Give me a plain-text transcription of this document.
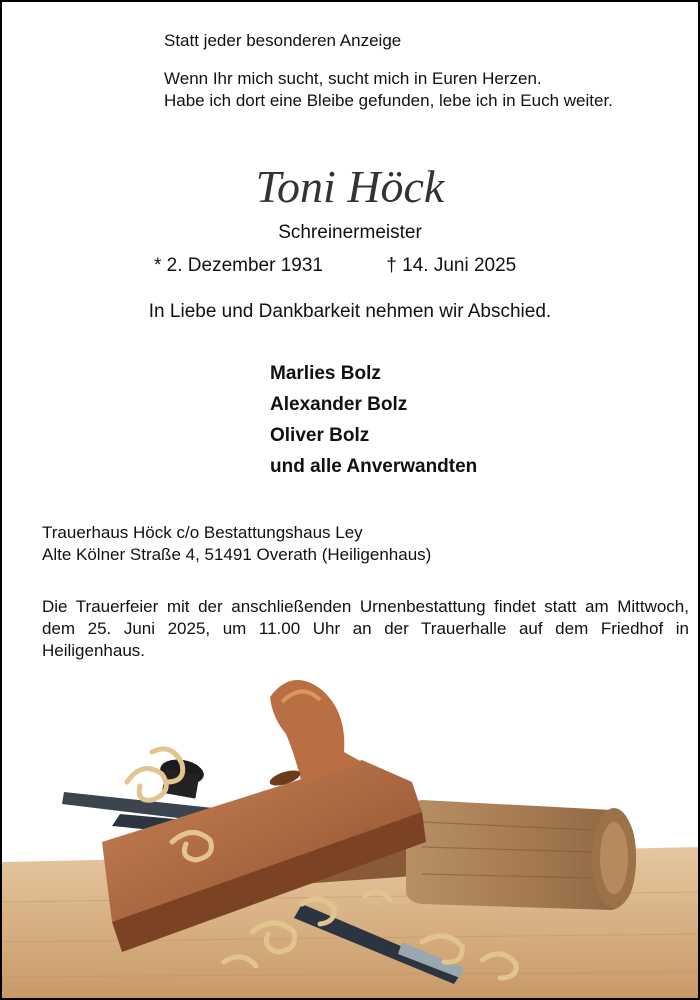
Statt jeder besonderen Anzeige
Wenn Ihr mich sucht, sucht mich in Euren Herzen.
Habe ich dort eine Bleibe gefunden, lebe ich in Euch weiter.
Toni Höck
Schreinermeister
* 2. Dezember 1931	† 14. Juni 2025
In Liebe und Dankbarkeit nehmen wir Abschied.
Marlies Bolz
Alexander Bolz
Oliver Bolz
und alle Anverwandten
Trauerhaus Höck c/o Bestattungshaus Ley
Alte Kölner Straße 4, 51491 Overath (Heiligenhaus)
Die Trauerfeier mit der anschließenden Urnenbestattung findet statt am Mittwoch, dem 25. Juni 2025, um 11.00 Uhr an der Trauerhalle auf dem Friedhof in Heiligenhaus.
